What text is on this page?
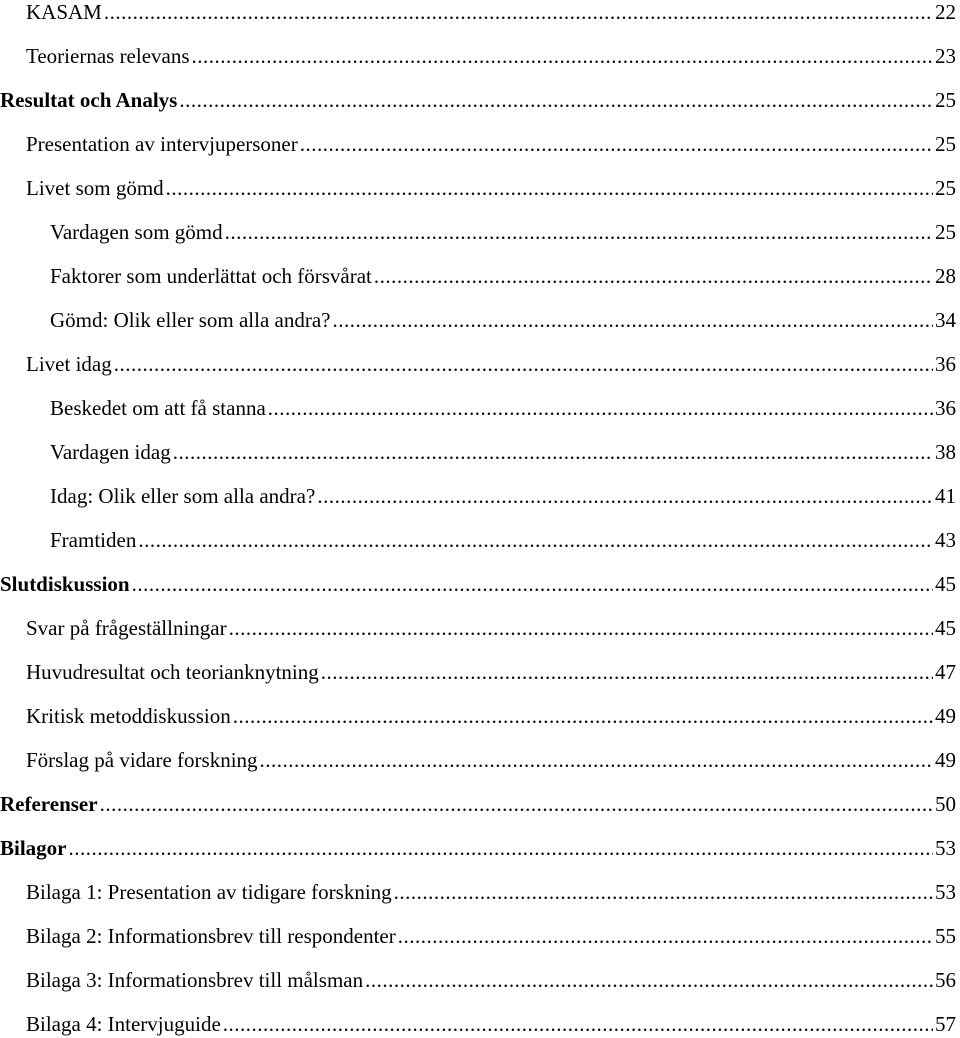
KASAM .....	22
Teoriernas relevans .....	23
Resultat och Analys .....	25
Presentation av intervjupersoner .....	25
Livet som gömd .....	25
Vardagen som gömd .....	25
Faktorer som underlättat och försvårat .....	28
Gömd: Olik eller som alla andra? .....	34
Livet idag .....	36
Beskedet om att få stanna .....	36
Vardagen idag .....	38
Idag: Olik eller som alla andra? .....	41
Framtiden .....	43
Slutdiskussion .....	45
Svar på frågeställningar .....	45
Huvudresultat och teorianknytning .....	47
Kritisk metoddiskussion .....	49
Förslag på vidare forskning .....	49
Referenser .....	50
Bilagor .....	53
Bilaga 1: Presentation av tidigare forskning .....	53
Bilaga 2: Informationsbrev till respondenter .....	55
Bilaga 3: Informationsbrev till målsman .....	56
Bilaga 4: Intervjuguide .....	57
